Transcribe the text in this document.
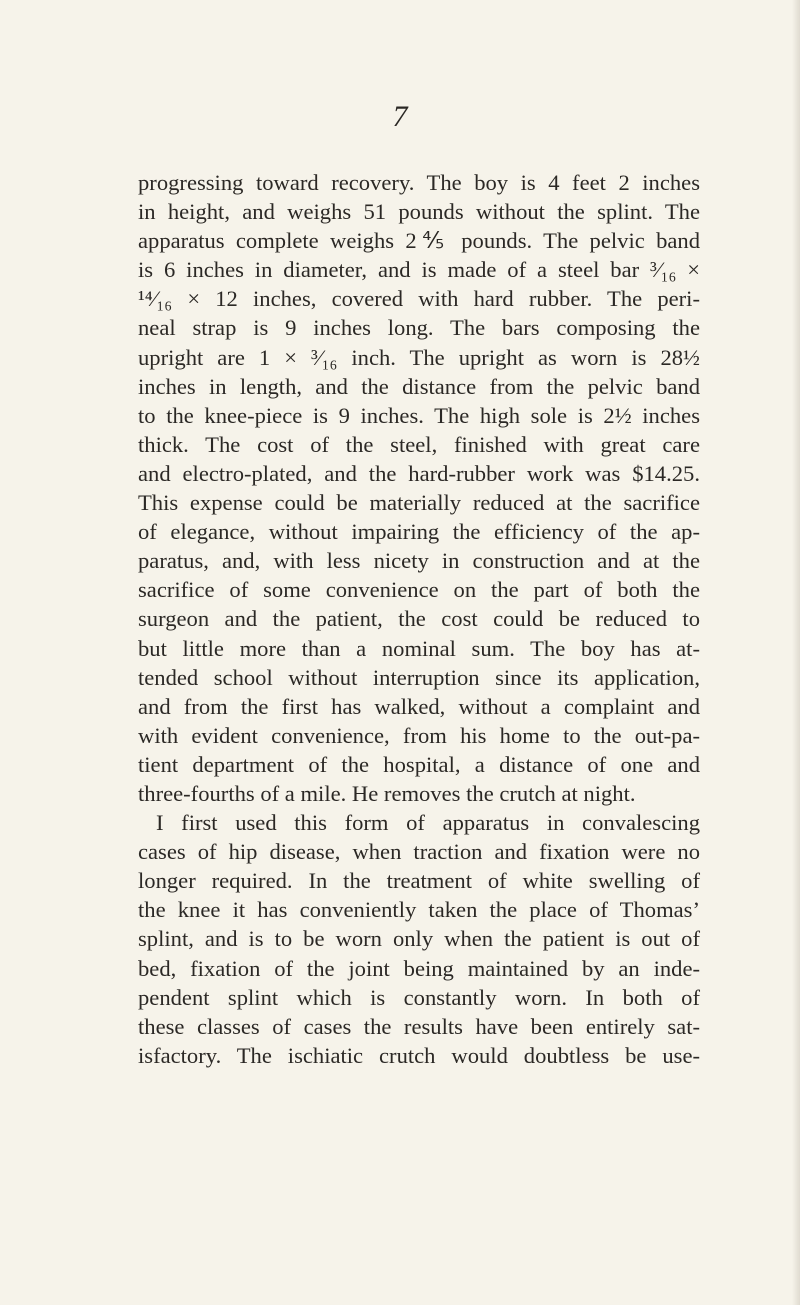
7

progressing toward recovery. The boy is 4 feet 2 inches
in height, and weighs 51 pounds without the splint. The
apparatus complete weighs 2⅘ pounds. The pelvic band
is 6 inches in diameter, and is made of a steel bar ³⁄₁₆ ×
¹⁴⁄₁₆ × 12 inches, covered with hard rubber. The peri-
neal strap is 9 inches long. The bars composing the
upright are 1 × ³⁄₁₆ inch. The upright as worn is 28½
inches in length, and the distance from the pelvic band
to the knee-piece is 9 inches. The high sole is 2½ inches
thick. The cost of the steel, finished with great care
and electro-plated, and the hard-rubber work was $14.25.
This expense could be materially reduced at the sacrifice
of elegance, without impairing the efficiency of the ap-
paratus, and, with less nicety in construction and at the
sacrifice of some convenience on the part of both the
surgeon and the patient, the cost could be reduced to
but little more than a nominal sum. The boy has at-
tended school without interruption since its application,
and from the first has walked, without a complaint and
with evident convenience, from his home to the out-pa-
tient department of the hospital, a distance of one and
three-fourths of a mile. He removes the crutch at night.

I first used this form of apparatus in convalescing
cases of hip disease, when traction and fixation were no
longer required. In the treatment of white swelling of
the knee it has conveniently taken the place of Thomas’
splint, and is to be worn only when the patient is out of
bed, fixation of the joint being maintained by an inde-
pendent splint which is constantly worn. In both of
these classes of cases the results have been entirely sat-
isfactory. The ischiatic crutch would doubtless be use-
